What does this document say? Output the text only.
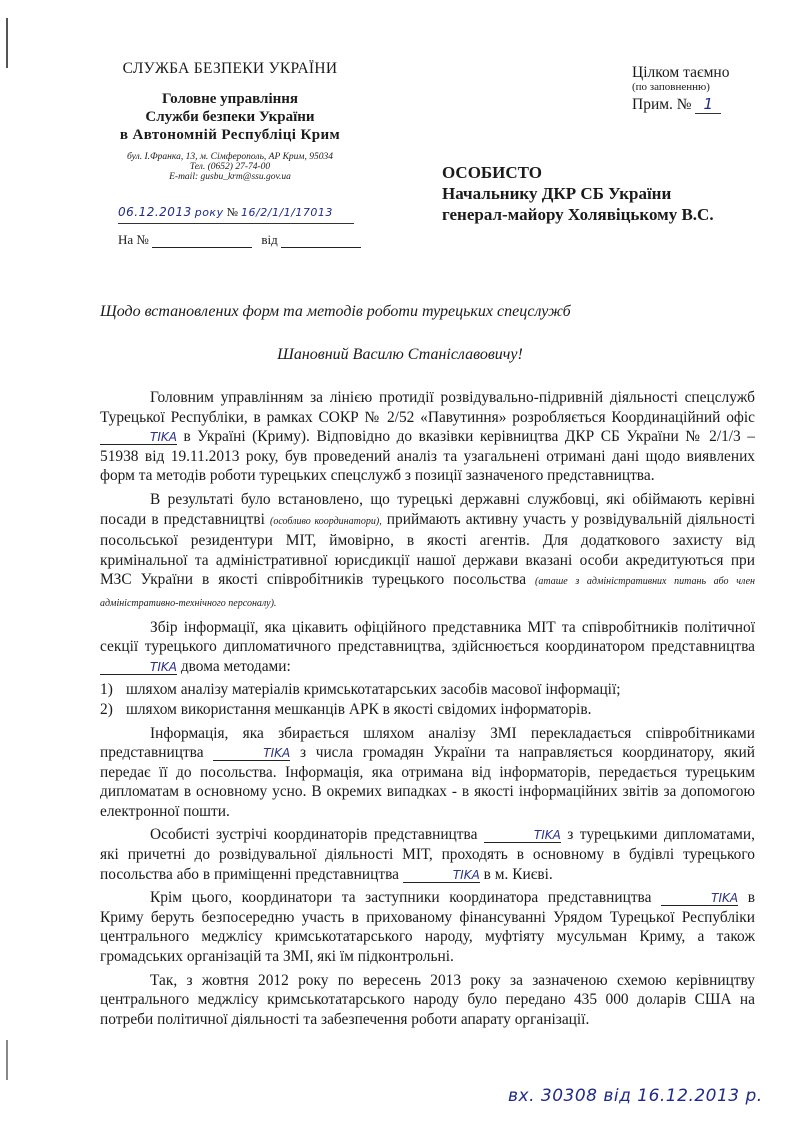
СЛУЖБА БЕЗПЕКИ УКРАЇНИ
Головне управління
Служби безпеки України
в Автономній Республіці Крим
бул. І.Франка, 13, м. Сімферополь, АР Крим, 95034
Тел. (0652) 27-74-00
E-mail: gusbu_krm@ssu.gov.ua
06.12.2013 року № 16/2/1/1/17013
На №	від
Цілком таємно
(по заповненню)
Прим. № 1
ОСОБИСТО
Начальнику ДКР СБ України
генерал-майору Холявіцькому В.С.
Щодо встановлених форм та методів роботи турецьких спецслужб
Шановний Василю Станіславовичу!

Головним управлінням за лінією протидії розвідувально-підривній діяльності спецслужб Турецької Республіки, в рамках СОКР № 2/52 «Павутиння» розробляється Координаційний офіс TIKA в Україні (Криму). Відповідно до вказівки керівництва ДКР СБ України № 2/1/3 – 51938 від 19.11.2013 року, був проведений аналіз та узагальнені отримані дані щодо виявлених форм та методів роботи турецьких спецслужб з позиції зазначеного представництва.

В результаті було встановлено, що турецькі державні службовці, які обіймають керівні посади в представництві (особливо координатори), приймають активну участь у розвідувальній діяльності посольської резидентури МІТ, ймовірно, в якості агентів. Для додаткового захисту від кримінальної та адміністративної юрисдикції нашої держави вказані особи акредитуються при МЗС України в якості співробітників турецького посольства (аташе з адміністративних питань або член адміністративно-технічного персоналу).

Збір інформації, яка цікавить офіційного представника МІТ та співробітників політичної секції турецького дипломатичного представництва, здійснюється координатором представництва TIKA двома методами:

1) шляхом аналізу матеріалів кримськотатарських засобів масової інформації;
2) шляхом використання мешканців АРК в якості свідомих інформаторів.

Інформація, яка збирається шляхом аналізу ЗМІ перекладається співробітниками представництва	TIKA з числа громадян України та направляється координатору, який передає її до посольства. Інформація, яка отримана від інформаторів, передається турецьким дипломатам в основному усно. В окремих випадках - в якості інформаційних звітів за допомогою електронної пошти.

Особисті зустрічі координаторів представництва	TIKA з турецькими дипломатами, які причетні до розвідувальної діяльності МІТ, проходять в основному в будівлі турецького посольства або в приміщенні представництва	TIKA в м. Києві.

Крім цього, координатори та заступники координатора представництва	TIKA в Криму беруть безпосередню участь в прихованому фінансуванні Урядом Турецької Республіки центрального меджлісу кримськотатарського народу, муфтіяту мусульман Криму, а також громадських організацій та ЗМІ, які їм підконтрольні.

Так, з жовтня 2012 року по вересень 2013 року за зазначеною схемою керівництву центрального меджлісу кримськотатарського народу було передано 435 000 доларів США на потреби політичної діяльності та забезпечення роботи апарату організації.

вх. 30308 від 16.12.2013 р.
